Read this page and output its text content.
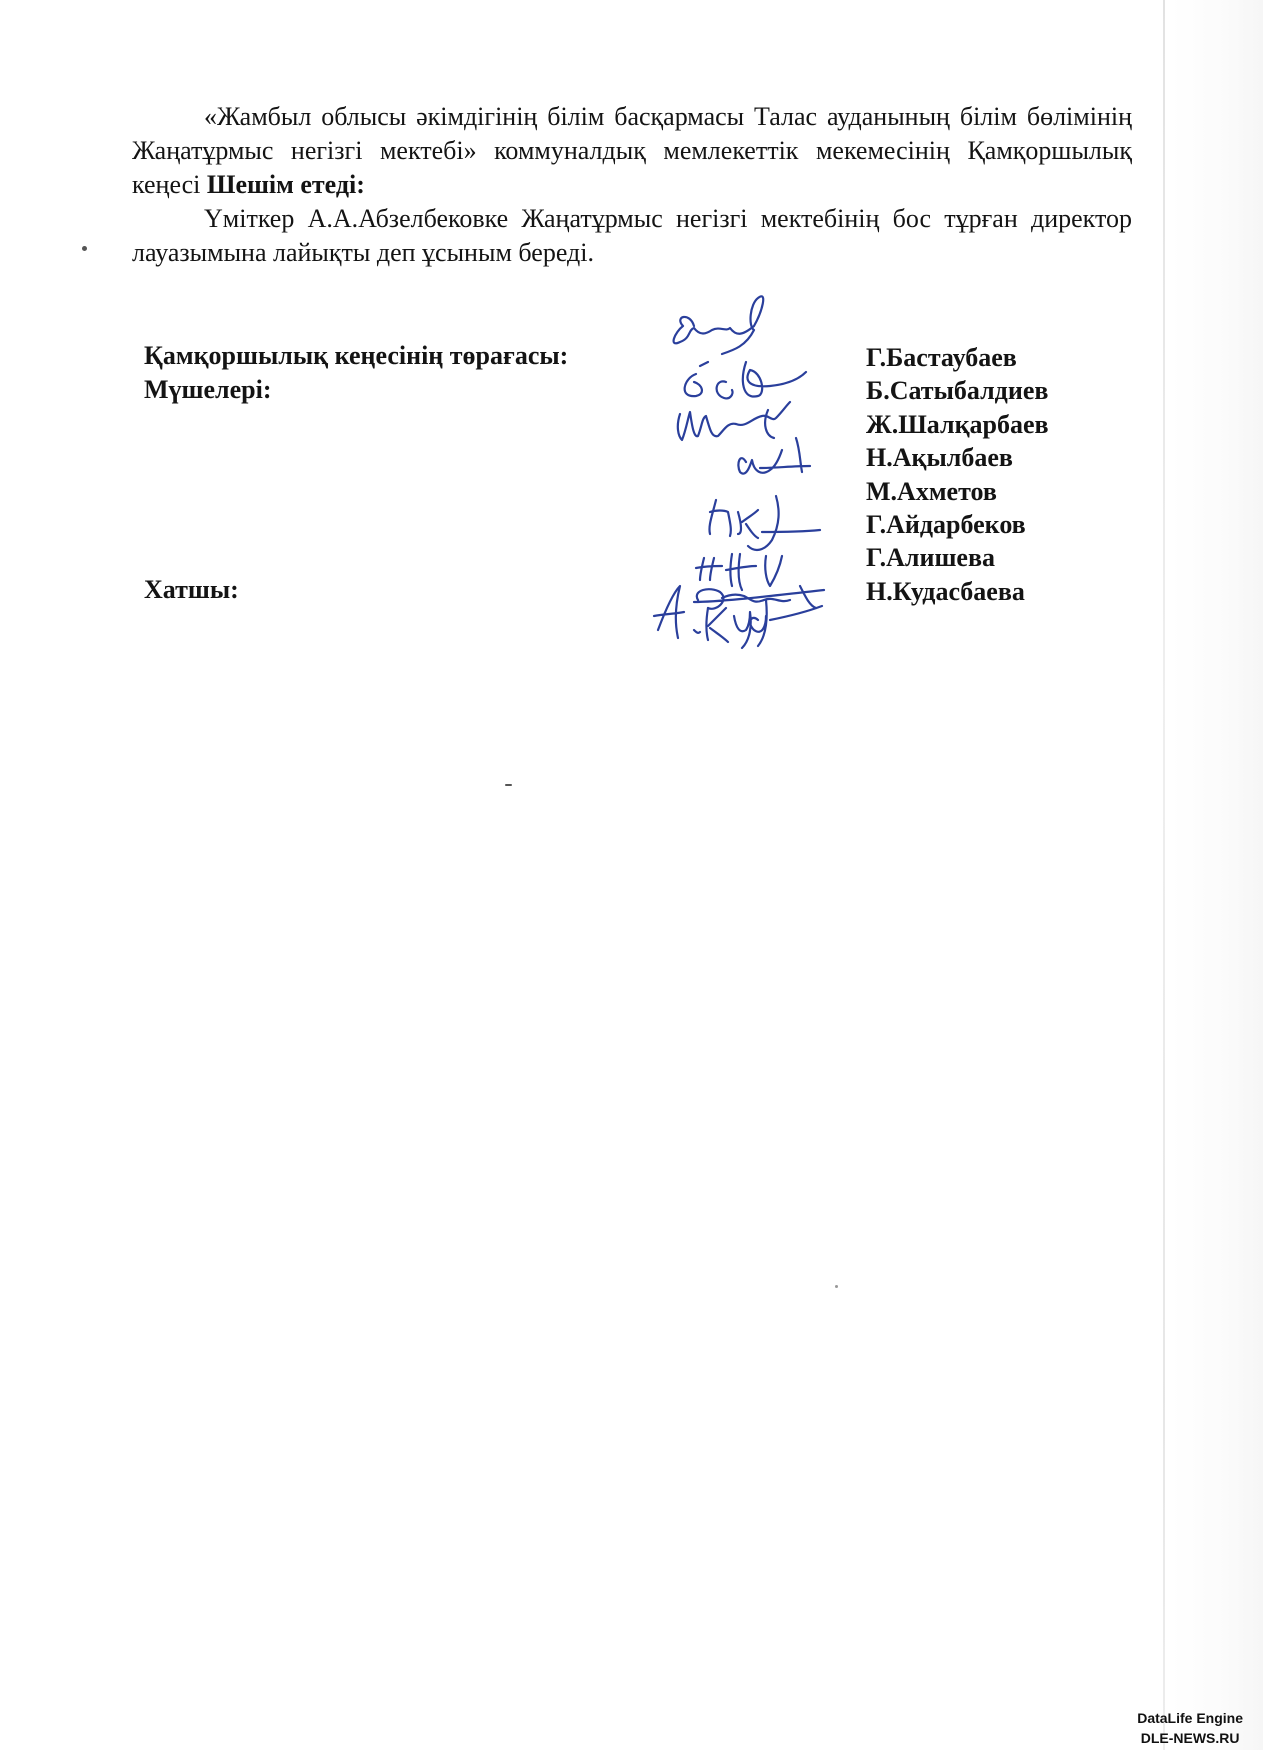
«Жамбыл облысы әкімдігінің білім басқармасы Талас ауданының білім бөлімінің Жаңатұрмыс негізгі мектебі» коммуналдық мемлекеттік мекемесінің Қамқоршылық кеңесі Шешім етеді:

Үміткер А.А.Абзелбековке Жаңатұрмыс негізгі мектебінің бос тұрған директор лауазымына лайықты деп ұсыным береді.

Қамқоршылық кеңесінің төрағасы:
Мүшелері:
Хатшы:
Г.Бастаубаев
Б.Сатыбалдиев
Ж.Шалқарбаев
Н.Ақылбаев
М.Ахметов
Г.Айдарбеков
Г.Алишева
Н.Кудасбаева
DataLife Engine
DLE-NEWS.RU
